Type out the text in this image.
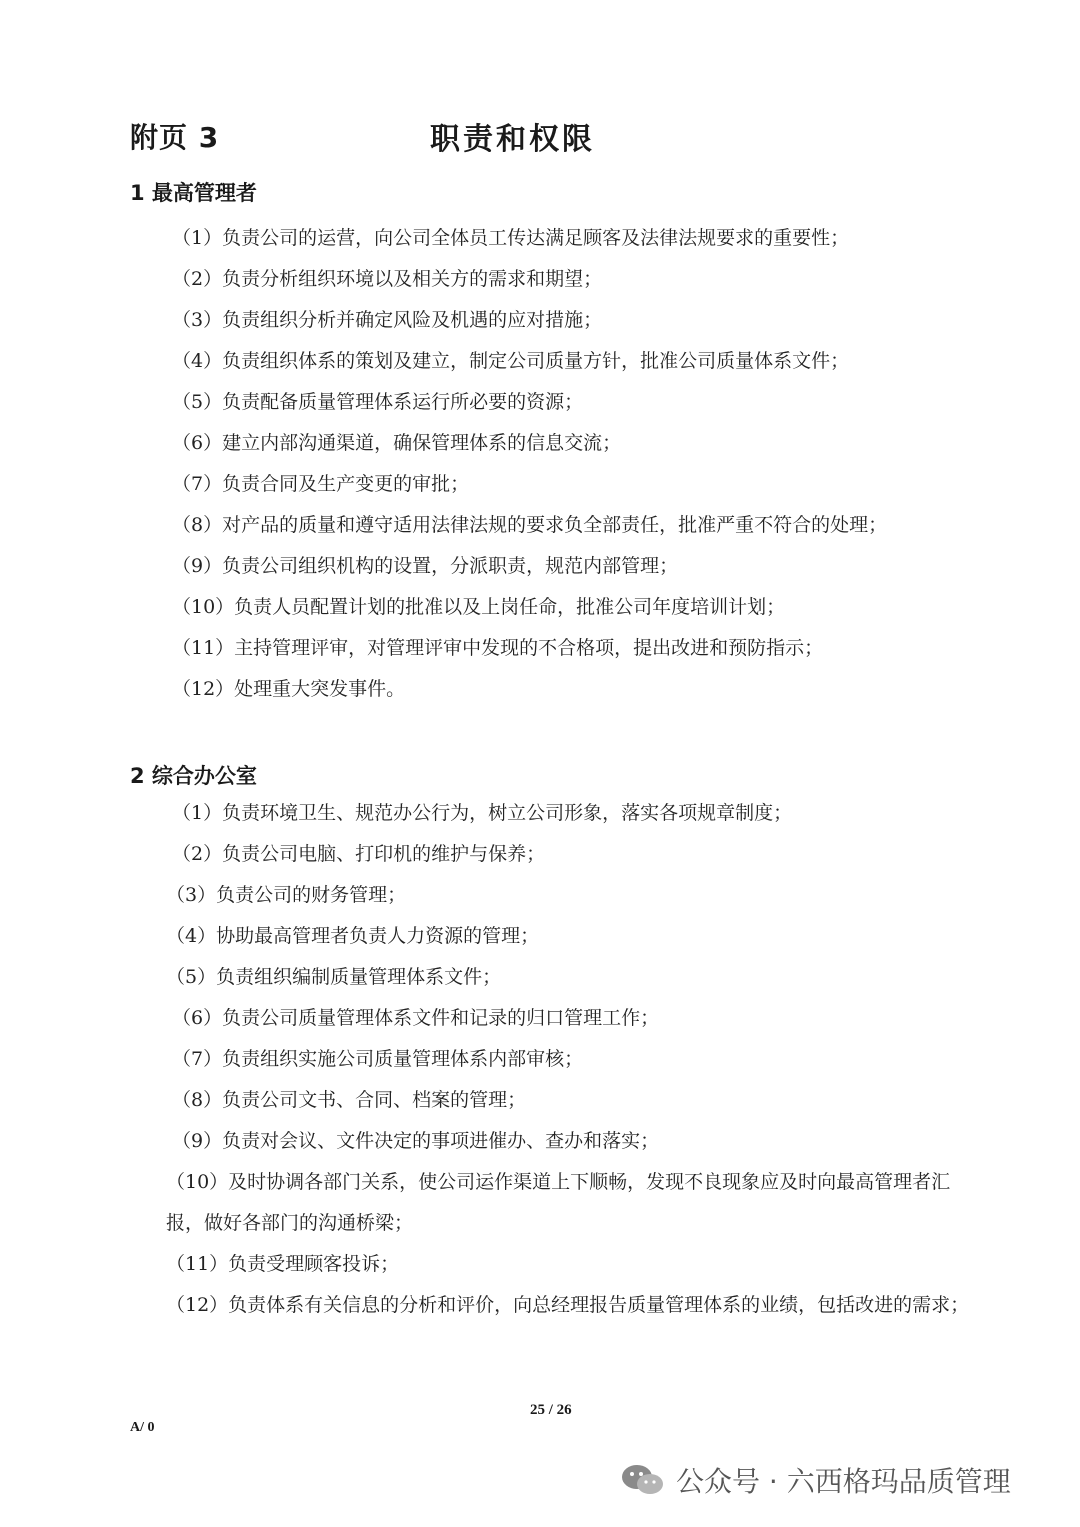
附页 3	职责和权限
1 最高管理者
（1）负责公司的运营，向公司全体员工传达满足顾客及法律法规要求的重要性；
（2）负责分析组织环境以及相关方的需求和期望；
（3）负责组织分析并确定风险及机遇的应对措施；
（4）负责组织体系的策划及建立，制定公司质量方针，批准公司质量体系文件；
（5）负责配备质量管理体系运行所必要的资源；
（6）建立内部沟通渠道，确保管理体系的信息交流；
（7）负责合同及生产变更的审批；
（8）对产品的质量和遵守适用法律法规的要求负全部责任，批准严重不符合的处理；
（9）负责公司组织机构的设置，分派职责，规范内部管理；
（10）负责人员配置计划的批准以及上岗任命，批准公司年度培训计划；
（11）主持管理评审，对管理评审中发现的不合格项，提出改进和预防指示；
（12）处理重大突发事件。
2 综合办公室
（1）负责环境卫生、规范办公行为，树立公司形象，落实各项规章制度；
（2）负责公司电脑、打印机的维护与保养；
（3）负责公司的财务管理；
（4）协助最高管理者负责人力资源的管理；
（5）负责组织编制质量管理体系文件；
（6）负责公司质量管理体系文件和记录的归口管理工作；
（7）负责组织实施公司质量管理体系内部审核；
（8）负责公司文书、合同、档案的管理；
（9）负责对会议、文件决定的事项进催办、查办和落实；
（10）及时协调各部门关系，使公司运作渠道上下顺畅，发现不良现象应及时向最高管理者汇报，做好各部门的沟通桥梁；
（11）负责受理顾客投诉；
（12）负责体系有关信息的分析和评价，向总经理报告质量管理体系的业绩，包括改进的需求；
25 / 26
A/ 0
公众号 · 六西格玛品质管理
